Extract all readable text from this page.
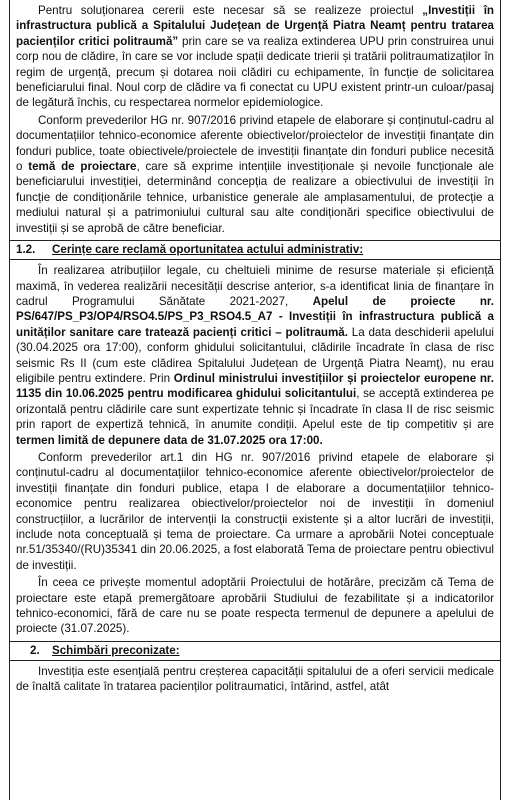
Pentru soluționarea cererii este necesar să se realizeze proiectul „Investiții în infrastructura publică a Spitalului Județean de Urgență Piatra Neamț pentru tratarea pacienților critici politraumă” prin care se va realiza extinderea UPU prin construirea unui corp nou de clădire, în care se vor include spații dedicate trierii și tratării politraumatizaților în regim de urgență, precum și dotarea noii clădiri cu echipamente, în funcție de solicitarea beneficiarului final. Noul corp de clădire va fi conectat cu UPU existent printr-un culoar/pasaj de legătură închis, cu respectarea normelor epidemiologice.

Conform prevederilor HG nr. 907/2016 privind etapele de elaborare și conținutul-cadru al documentațiilor tehnico-economice aferente obiectivelor/proiectelor de investiții finanțate din fonduri publice, toate obiectivele/proiectele de investiții finanțate din fonduri publice necesită o temă de proiectare, care să exprime intențiile investiționale și nevoile funcționale ale beneficiarului investiției, determinând concepția de realizare a obiectivului de investiții în funcție de condiționările tehnice, urbanistice generale ale amplasamentului, de protecție a mediului natural și a patrimoniului cultural sau alte condiționări specifice obiectivului de investiții și se aprobă de către beneficiar.

1.2. Cerințe care reclamă oportunitatea actului administrativ:

În realizarea atribuțiilor legale, cu cheltuieli minime de resurse materiale și eficiență maximă, în vederea realizării necesității descrise anterior, s-a identificat linia de finanțare în cadrul Programului Sănătate 2021-2027, Apelul de proiecte nr. PS/647/PS_P3/OP4/RSO4.5/PS_P3_RSO4.5_A7 - Investiții în infrastructura publică a unităților sanitare care tratează pacienți critici – politraumă. La data deschiderii apelului (30.04.2025 ora 17:00), conform ghidului solicitantului, clădirile încadrate în clasa de risc seismic Rs II (cum este clădirea Spitalului Județean de Urgență Piatra Neamț), nu erau eligibile pentru extindere. Prin Ordinul ministrului investițiilor și proiectelor europene nr. 1135 din 10.06.2025 pentru modificarea ghidului solicitantului, se acceptă extinderea pe orizontală pentru clădirile care sunt expertizate tehnic și încadrate în clasa II de risc seismic prin raport de expertiză tehnică, în anumite condiții. Apelul este de tip competitiv și are termen limită de depunere data de 31.07.2025 ora 17:00.

Conform prevederilor art.1 din HG nr. 907/2016 privind etapele de elaborare și conținutul-cadru al documentațiilor tehnico-economice aferente obiectivelor/proiectelor de investiții finanțate din fonduri publice, etapa I de elaborare a documentațiilor tehnico-economice pentru realizarea obiectivelor/proiectelor noi de investiții în domeniul construcțiilor, a lucrărilor de intervenții la construcții existente și a altor lucrări de investiții, include nota conceptuală și tema de proiectare. Ca urmare a aprobării Notei conceptuale nr.51/35340/(RU)35341 din 20.06.2025, a fost elaborată Tema de proiectare pentru obiectivul de investiții.

În ceea ce privește momentul adoptării Proiectului de hotărâre, precizăm că Tema de proiectare este etapă premergătoare aprobării Studiului de fezabilitate și a indicatorilor tehnico-economici, fără de care nu se poate respecta termenul de depunere a apelului de proiecte (31.07.2025).

2. Schimbări preconizate:

Investiția este esențială pentru creșterea capacității spitalului de a oferi servicii medicale de înaltă calitate în tratarea pacienților politraumatici, întărind, astfel, atât
